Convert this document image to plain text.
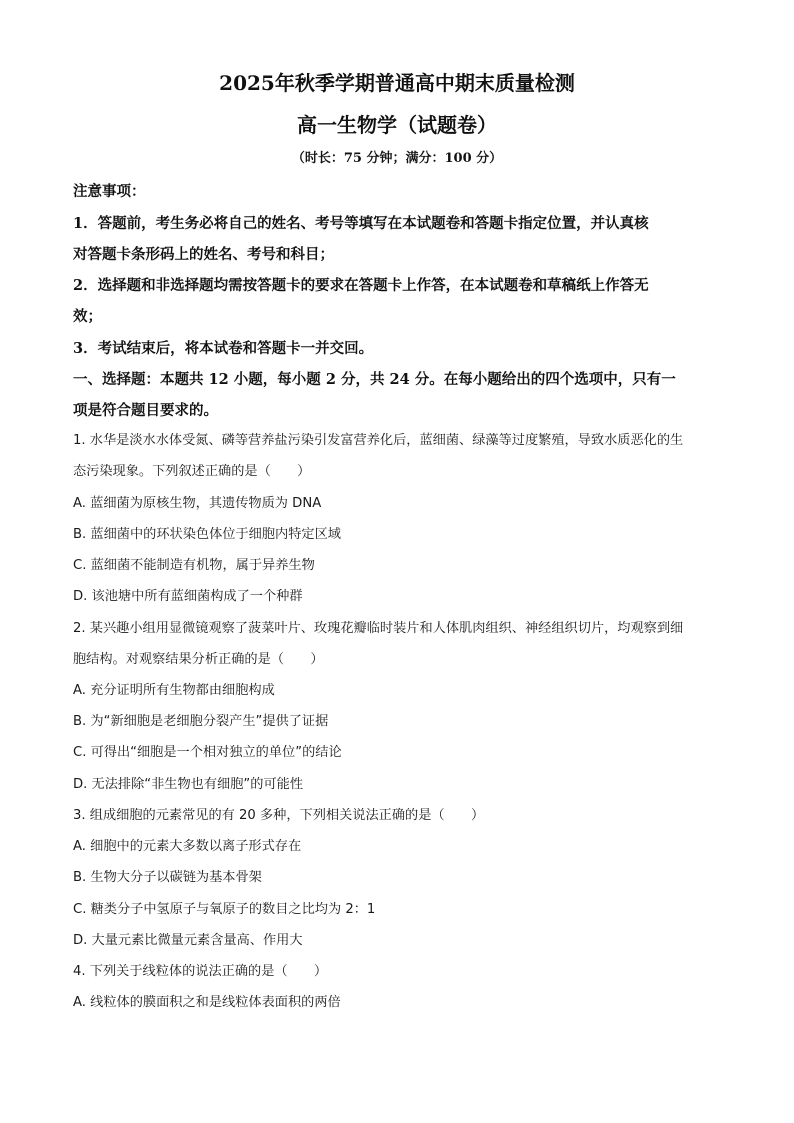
2025年秋季学期普通高中期末质量检测
高一生物学（试题卷）
（时长：75 分钟；满分：100 分）
注意事项：
1．答题前，考生务必将自己的姓名、考号等填写在本试题卷和答题卡指定位置，并认真核
对答题卡条形码上的姓名、考号和科目；
2．选择题和非选择题均需按答题卡的要求在答题卡上作答，在本试题卷和草稿纸上作答无
效；
3．考试结束后，将本试卷和答题卡一并交回。
一、选择题：本题共 12 小题，每小题 2 分，共 24 分。在每小题给出的四个选项中，只有一
项是符合题目要求的。
1. 水华是淡水水体受氮、磷等营养盐污染引发富营养化后，蓝细菌、绿藻等过度繁殖，导致水质恶化的生
态污染现象。下列叙述正确的是（　　）
A. 蓝细菌为原核生物，其遗传物质为 DNA
B. 蓝细菌中的环状染色体位于细胞内特定区域
C. 蓝细菌不能制造有机物，属于异养生物
D. 该池塘中所有蓝细菌构成了一个种群
2. 某兴趣小组用显微镜观察了菠菜叶片、玫瑰花瓣临时装片和人体肌肉组织、神经组织切片，均观察到细
胞结构。对观察结果分析正确的是（　　）
A. 充分证明所有生物都由细胞构成
B. 为“新细胞是老细胞分裂产生”提供了证据
C. 可得出“细胞是一个相对独立的单位”的结论
D. 无法排除“非生物也有细胞”的可能性
3. 组成细胞的元素常见的有 20 多种，下列相关说法正确的是（　　）
A. 细胞中的元素大多数以离子形式存在
B. 生物大分子以碳链为基本骨架
C. 糖类分子中氢原子与氧原子的数目之比均为 2：1
D. 大量元素比微量元素含量高、作用大
4. 下列关于线粒体的说法正确的是（　　）
A. 线粒体的膜面积之和是线粒体表面积的两倍
